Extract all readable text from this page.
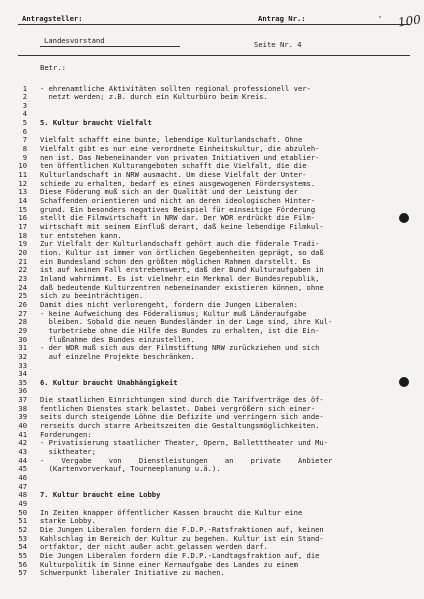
Antragsteller:	Antrag Nr.:	100
,
Landesvorstand	Seite Nr. 4
Betr.:
1 - ehrenamtliche Aktivitäten sollten regional professionell ver-
2 netzt werden; z.B. durch ein Kulturbüro beim Kreis.
3
4
5 5. Kultur braucht Vielfalt
6
7 Vielfalt schafft eine bunte, lebendige Kulturlandschaft. Ohne
8 Vielfalt gibt es nur eine verordnete Einheitskultur, die abzuleh-
9 nen ist. Das Nebeneinander von privaten Initiativen und etablier-
10 ten öffentlichen Kulturangeboten schafft die Vielfalt, die die
11 Kulturlandschaft in NRW ausmacht. Um diese Vielfalt der Unter-
12 schiede zu erhalten, bedarf es eines ausgewogenen Fördersystems.
13 Diese Föderung muß sich an der Qualität und der Leistung der
14 Schaffenden orientieren und nicht an deren ideologischen Hinter-
15 grund. Ein besonders negatives Beispiel für einseitige Förderung
16 stellt die Filmwirtschaft in NRW dar. Der WDR erdrückt die Film-
17 wirtschaft mit seinem Einfluß derart, daß keine lebendige Filmkul-
18 tur entstehen kann.
19 Zur Vielfalt der Kulturlandschaft gehört auch die föderale Tradi-
20 tion. Kultur ist immer von örtlichen Gegebenheiten geprägt, so daß
21 ein Bundesland schon den größten möglichen Rahmen darstellt. Es
22 ist auf keinen Fall erstrebenswert, daß der Bund Kulturaufgaben in
23 Inland wahrnimmt. Es ist vielmehr ein Merkmal der Bundesrepublik,
24 daß bedeutende Kulturzentren nebeneinander existieren können, ohne
25 sich zu beeinträchtigen.
26 Damit dies nicht verlorengeht, fordern die Jungen Liberalen:
27 - keine Aufweichung des Föderalismus; Kultur muß Länderaufgabe
28 bleiben. Sobald die neuen Bundesländer in der Lage sind, ihre Kul-
29 turbetriebe ohne die Hilfe des Bundes zu erhalten, ist die Ein-
30 flußnahme des Bundes einzustellen.
31 - der WDR muß sich aus der Filmstiftung NRW zurückziehen und sich
32 auf einzelne Projekte beschränken.
33
34
35 6. Kultur braucht Unabhängigkeit
36
37 Die staatlichen Einrichtungen sind durch die Tarifverträge des öf-
38 fentlichen Dienstes stark belastet. Dabei vergrößern sich einer-
39 seits durch steigende Löhne die Defizite und verringern sich ande-
40 rerseits durch starre Arbeitszeiten die Gestaltungsmöglichkeiten.
41 Forderungen:
42 - Privatisierung staatlicher Theater, Opern, Balletttheater und Mu-
43 siktheater;
44 -    Vergabe    von    Dienstleistungen    an    private    Anbieter
45 (Kartenvorverkauf, Tourneeplanung u.ä.).
46
47
48 7. Kultur braucht eine Lobby
49
50 In Zeiten knapper öffentlicher Kassen braucht die Kultur eine
51 starke Lobby.
52 Die Jungen Liberalen fordern die F.D.P.-Ratsfraktionen auf, keinen
53 Kahlschlag im Bereich der Kultur zu begehen. Kultur ist ein Stand-
54 ortfaktor, der nicht außer acht gelassen werden darf.
55 Die Jungen Liberalen fordern die F.D.P.-Landtagsfraktion auf, die
56 Kulturpolitik im Sinne einer Kernaufgabe des Landes zu einem
57 Schwerpunkt liberaler Initiative zu machen.
